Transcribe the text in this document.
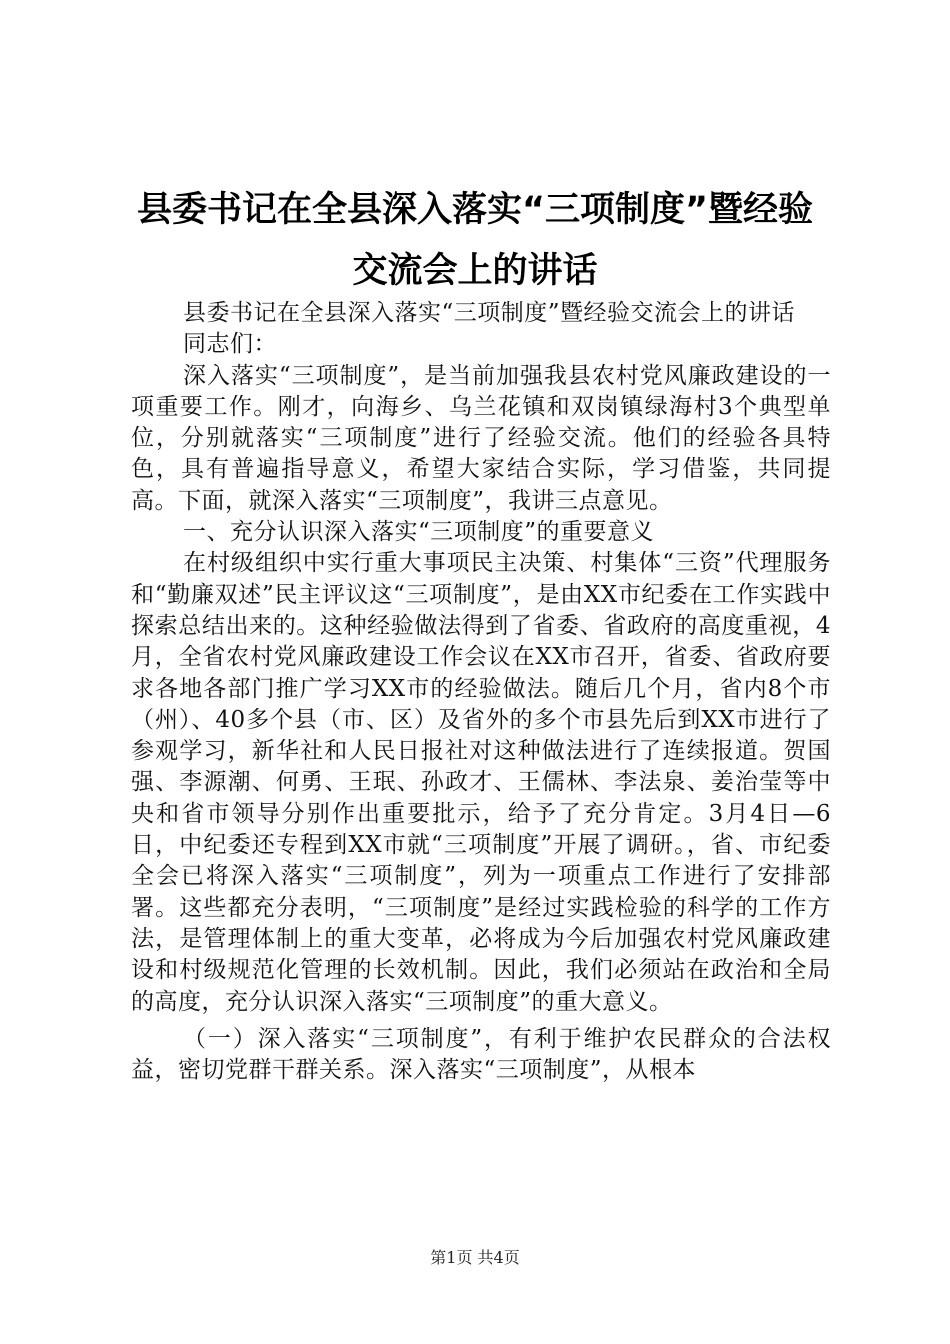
县委书记在全县深入落实“三项制度”暨经验
交流会上的讲话

县委书记在全县深入落实“三项制度”暨经验交流会上的讲话

同志们：

深入落实“三项制度”，是当前加强我县农村党风廉政建设的一项重要工作。刚才，向海乡、乌兰花镇和双岗镇绿海村3个典型单位，分别就落实“三项制度”进行了经验交流。他们的经验各具特色，具有普遍指导意义，希望大家结合实际，学习借鉴，共同提高。下面，就深入落实“三项制度”，我讲三点意见。

一、充分认识深入落实“三项制度”的重要意义

在村级组织中实行重大事项民主决策、村集体“三资”代理服务和“勤廉双述”民主评议这“三项制度”，是由XX市纪委在工作实践中探索总结出来的。这种经验做法得到了省委、省政府的高度重视，4月，全省农村党风廉政建设工作会议在XX市召开，省委、省政府要求各地各部门推广学习XX市的经验做法。随后几个月，省内8个市（州）、40多个县（市、区）及省外的多个市县先后到XX市进行了参观学习，新华社和人民日报社对这种做法进行了连续报道。贺国强、李源潮、何勇、王珉、孙政才、王儒林、李法泉、姜治莹等中央和省市领导分别作出重要批示，给予了充分肯定。3月4日—6日，中纪委还专程到XX市就“三项制度”开展了调研。，省、市纪委全会已将深入落实“三项制度”，列为一项重点工作进行了安排部署。这些都充分表明，“三项制度”是经过实践检验的科学的工作方法，是管理体制上的重大变革，必将成为今后加强农村党风廉政建设和村级规范化管理的长效机制。因此，我们必须站在政治和全局的高度，充分认识深入落实“三项制度”的重大意义。

（一）深入落实“三项制度”，有利于维护农民群众的合法权益，密切党群干群关系。深入落实“三项制度”，从根本

第1页 共4页
